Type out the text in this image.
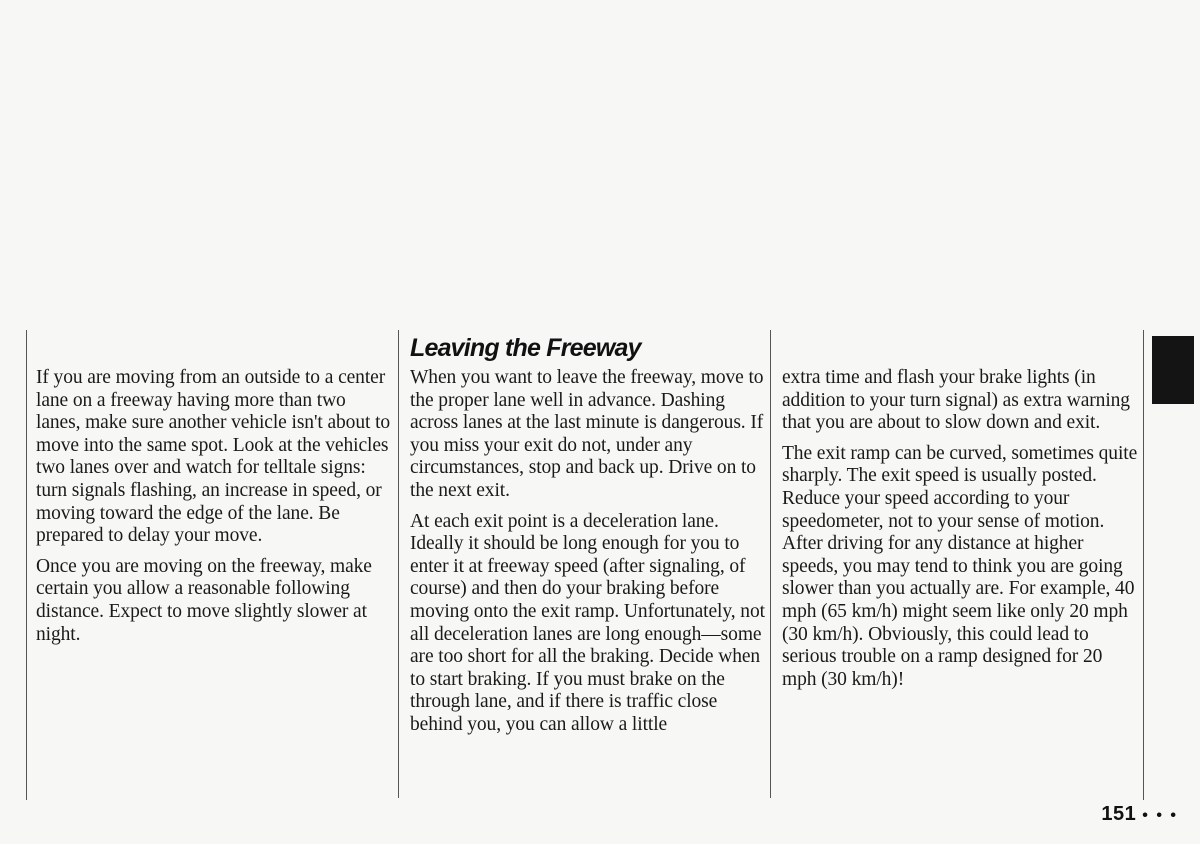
Leaving the Freeway

If you are moving from an outside to a center lane on a freeway having more than two lanes, make sure another vehicle isn't about to move into the same spot. Look at the vehicles two lanes over and watch for telltale signs: turn signals flashing, an increase in speed, or moving toward the edge of the lane. Be prepared to delay your move.

Once you are moving on the freeway, make certain you allow a reasonable following distance. Expect to move slightly slower at night.

When you want to leave the freeway, move to the proper lane well in advance. Dashing across lanes at the last minute is dangerous. If you miss your exit do not, under any circumstances, stop and back up. Drive on to the next exit.

At each exit point is a deceleration lane. Ideally it should be long enough for you to enter it at freeway speed (after signaling, of course) and then do your braking before moving onto the exit ramp. Unfortunately, not all deceleration lanes are long enough—some are too short for all the braking. Decide when to start braking. If you must brake on the through lane, and if there is traffic close behind you, you can allow a little

extra time and flash your brake lights (in addition to your turn signal) as extra warning that you are about to slow down and exit.

The exit ramp can be curved, sometimes quite sharply. The exit speed is usually posted. Reduce your speed according to your speedometer, not to your sense of motion. After driving for any distance at higher speeds, you may tend to think you are going slower than you actually are. For example, 40 mph (65 km/h) might seem like only 20 mph (30 km/h). Obviously, this could lead to serious trouble on a ramp designed for 20 mph (30 km/h)!

151 • • •
